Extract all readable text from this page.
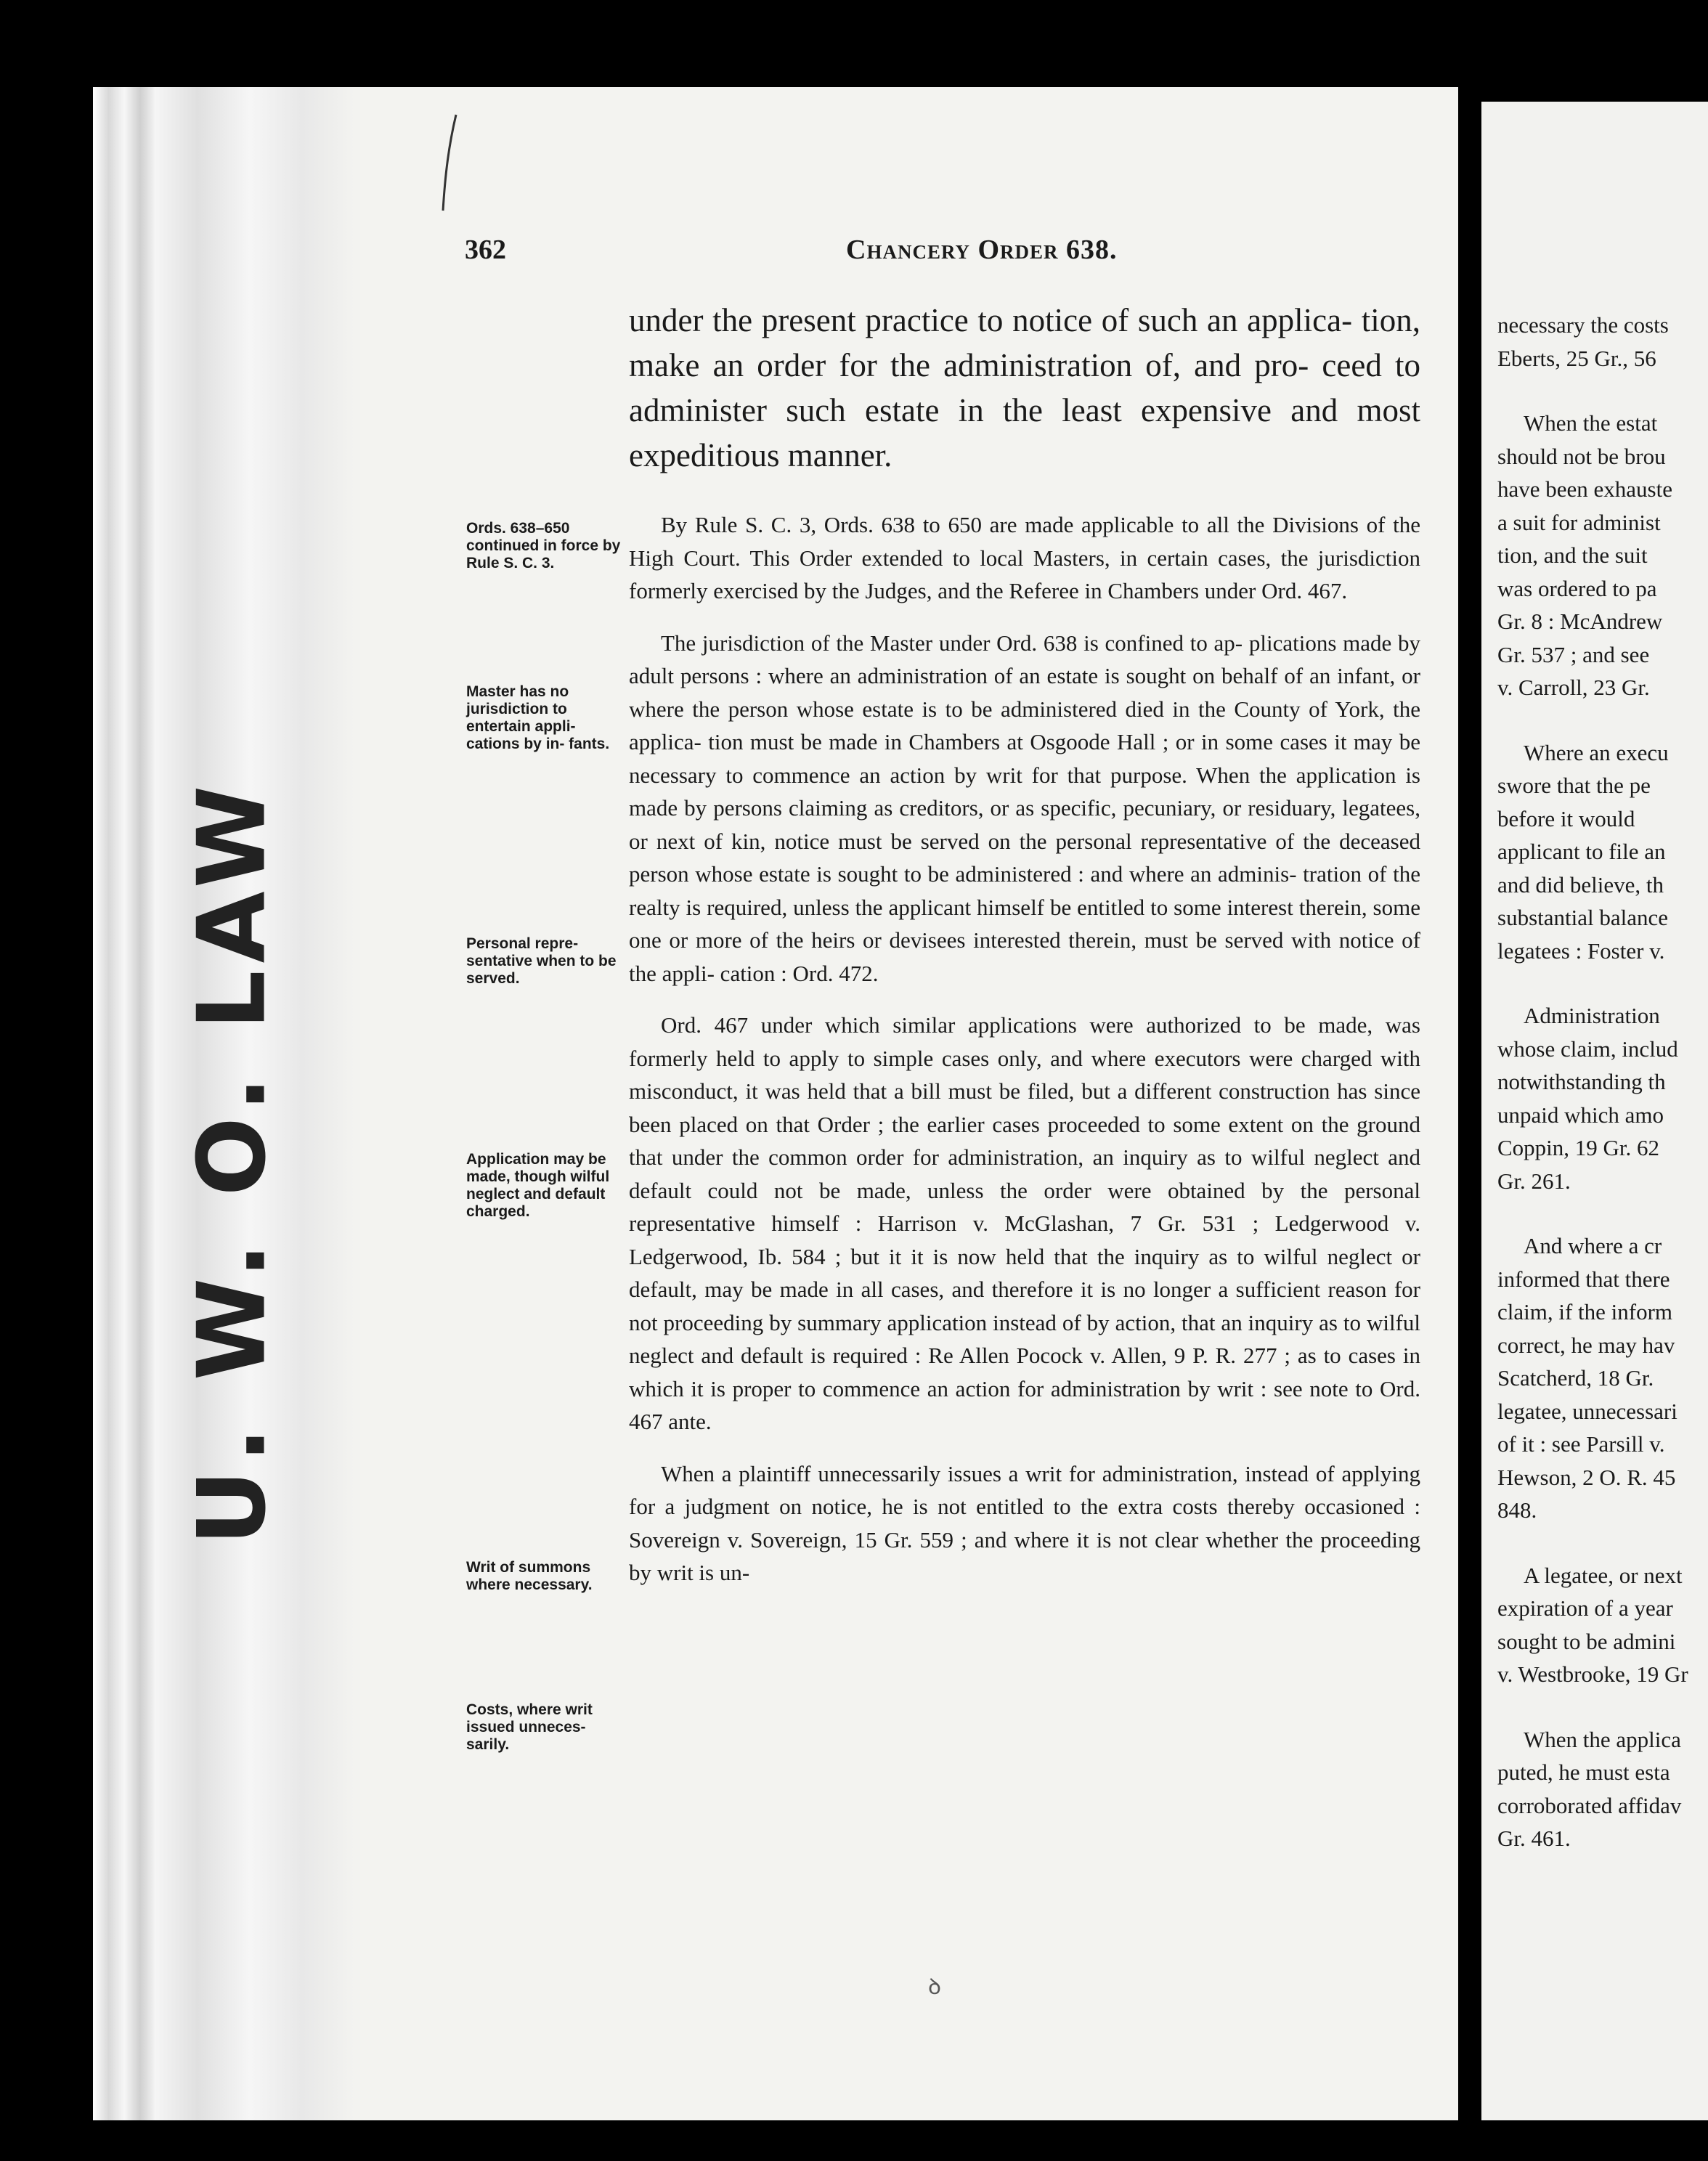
U. W. O. LAW
362	Chancery Order 638.

under the present practice to notice of such an applica- tion, make an order for the administration of, and pro- ceed to administer such estate in the least expensive and most expeditious manner.

By Rule S. C. 3, Ords. 638 to 650 are made applicable to all the Divisions of the High Court. This Order extended to local Masters, in certain cases, the jurisdiction formerly exercised by the Judges, and the Referee in Chambers under Ord. 467.

The jurisdiction of the Master under Ord. 638 is confined to ap- plications made by adult persons : where an administration of an estate is sought on behalf of an infant, or where the person whose estate is to be administered died in the County of York, the applica- tion must be made in Chambers at Osgoode Hall ; or in some cases it may be necessary to commence an action by writ for that purpose. When the application is made by persons claiming as creditors, or as specific, pecuniary, or residuary, legatees, or next of kin, notice must be served on the personal representative of the deceased person whose estate is sought to be administered : and where an adminis- tration of the realty is required, unless the applicant himself be entitled to some interest therein, some one or more of the heirs or devisees interested therein, must be served with notice of the appli- cation : Ord. 472.

Ord. 467 under which similar applications were authorized to be made, was formerly held to apply to simple cases only, and where executors were charged with misconduct, it was held that a bill must be filed, but a different construction has since been placed on that Order ; the earlier cases proceeded to some extent on the ground that under the common order for administration, an inquiry as to wilful neglect and default could not be made, unless the order were obtained by the personal representative himself : Harrison v. McGlashan, 7 Gr. 531 ; Ledgerwood v. Ledgerwood, Ib. 584 ; but it it is now held that the inquiry as to wilful neglect or default, may be made in all cases, and therefore it is no longer a sufficient reason for not proceeding by summary application instead of by action, that an inquiry as to wilful neglect and default is required : Re Allen Pocock v. Allen, 9 P. R. 277 ; as to cases in which it is proper to commence an action for administration by writ : see note to Ord. 467 ante.

When a plaintiff unnecessarily issues a writ for administration, instead of applying for a judgment on notice, he is not entitled to the extra costs thereby occasioned : Sovereign v. Sovereign, 15 Gr. 559 ; and where it is not clear whether the proceeding by writ is un-

Ords. 638–650 continued in force by Rule S. C. 3.
Master has no jurisdiction to entertain appli- cations by in- fants.
Personal repre- sentative when to be served.
Application may be made, though wilful neglect and default charged.
Writ of summons where necessary.
Costs, where writ issued unneces- sarily.
necessary the costs
Eberts, 25 Gr., 56
When the estat
should not be brou
have been exhauste
a suit for administ
tion, and the suit
was ordered to pa
Gr. 8 : McAndrew
Gr. 537 ; and see
v. Carroll, 23 Gr.
Where an execu
swore that the pe
before it would
applicant to file an
and did believe, th
substantial balance
legatees : Foster v.
Administration
whose claim, includ
notwithstanding th
unpaid which amo
Coppin, 19 Gr. 62
Gr. 261.
And where a cr
informed that there
claim, if the inform
correct, he may hav
Scatcherd, 18 Gr.
legatee, unnecessari
of it : see Parsill v.
Hewson, 2 O. R. 45
848.
A legatee, or next
expiration of a year
sought to be admini
v. Westbrooke, 19 Gr
When the applica
puted, he must esta
corroborated affidav
Gr. 461.
ꝺ
